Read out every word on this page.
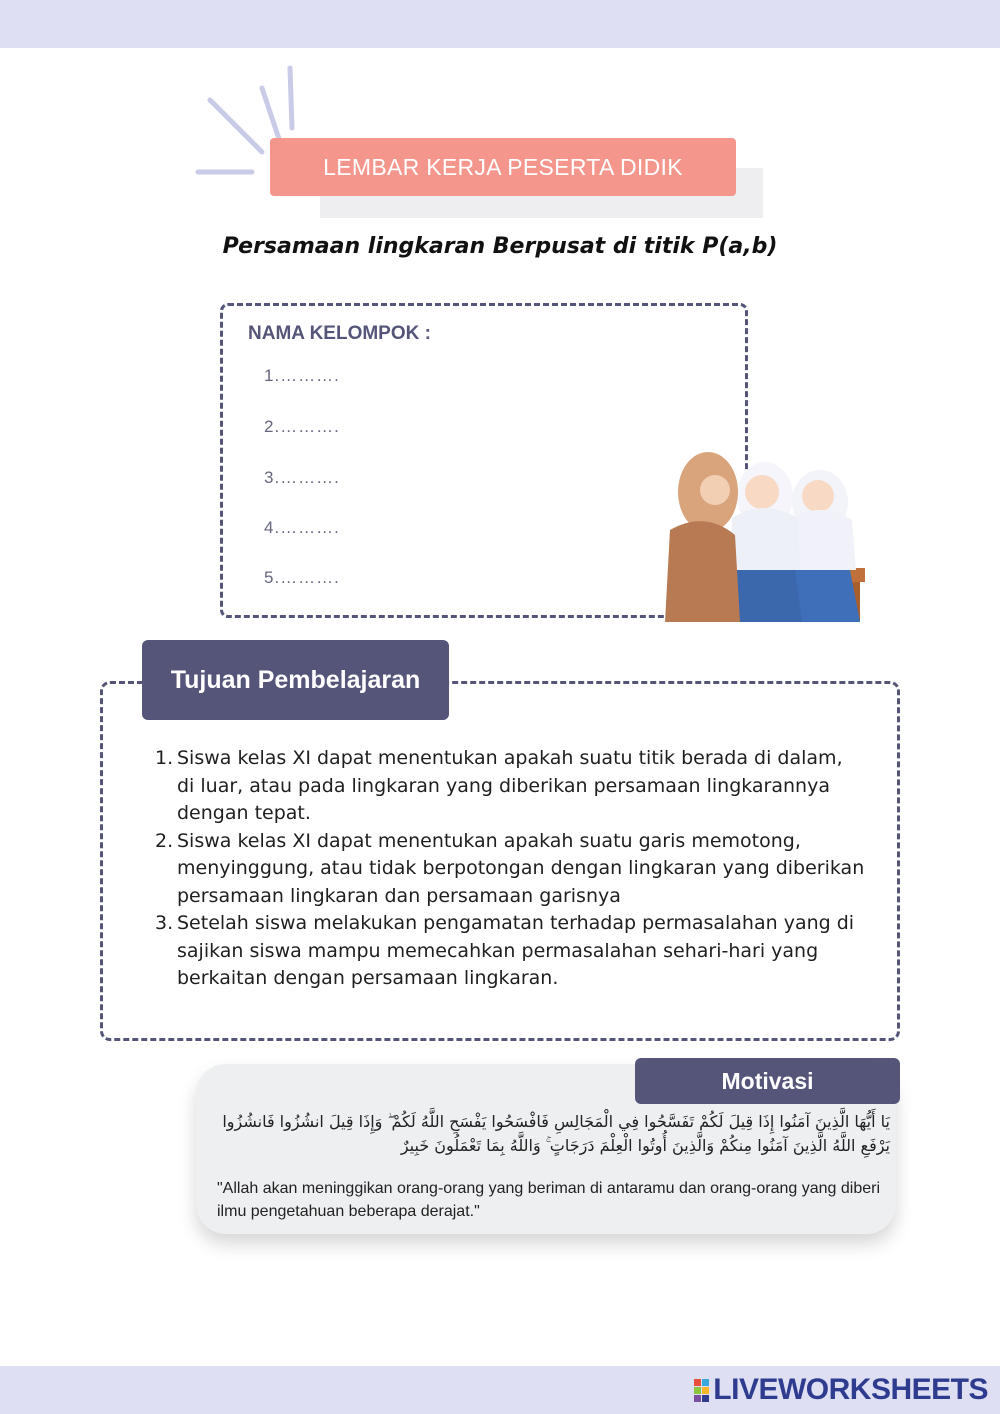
LEMBAR KERJA PESERTA DIDIK
Persamaan lingkaran Berpusat di titik P(a,b)
NAMA KELOMPOK :
1.……….
2.……….
3.……….
4.……….
5.……….
Tujuan Pembelajaran
1. Siswa kelas XI dapat menentukan apakah suatu titik berada di dalam, di luar, atau pada lingkaran yang diberikan persamaan lingkarannya dengan tepat.
2. Siswa kelas XI dapat menentukan apakah suatu garis memotong, menyinggung, atau tidak berpotongan dengan lingkaran yang diberikan persamaan lingkaran dan persamaan garisnya
3. Setelah siswa melakukan pengamatan terhadap permasalahan yang di sajikan siswa mampu memecahkan permasalahan sehari-hari yang berkaitan dengan persamaan lingkaran.
Motivasi
يَا أَيُّهَا الَّذِينَ آمَنُوا إِذَا قِيلَ لَكُمْ تَفَسَّحُوا فِي الْمَجَالِسِ فَافْسَحُوا يَفْسَحِ اللَّهُ لَكُمْ ۖ وَإِذَا قِيلَ انشُزُوا فَانشُزُوا يَرْفَعِ اللَّهُ الَّذِينَ آمَنُوا مِنكُمْ وَالَّذِينَ أُوتُوا الْعِلْمَ دَرَجَاتٍ ۚ وَاللَّهُ بِمَا تَعْمَلُونَ خَبِيرٌ
"Allah akan meninggikan orang-orang yang beriman di antaramu dan orang-orang yang diberi ilmu pengetahuan beberapa derajat."
LIVEWORKSHEETS
